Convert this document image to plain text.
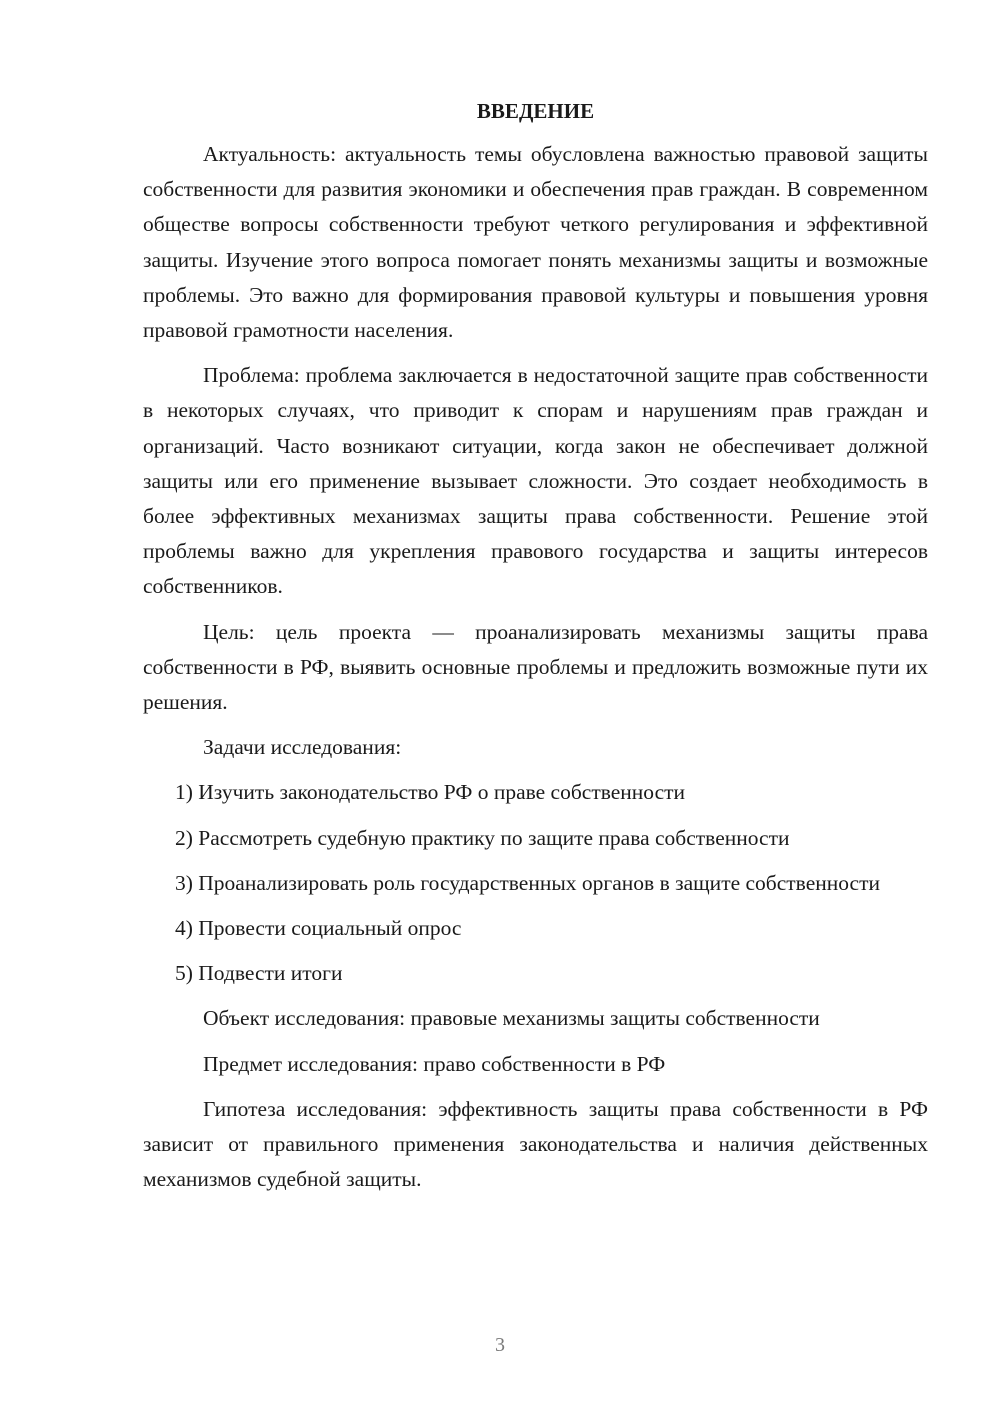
ВВЕДЕНИЕ

Актуальность: актуальность темы обусловлена важностью правовой защиты собственности для развития экономики и обеспечения прав граждан. В современном обществе вопросы собственности требуют четкого регулирования и эффективной защиты. Изучение этого вопроса помогает понять механизмы защиты и возможные проблемы. Это важно для формирования правовой культуры и повышения уровня правовой грамотности населения.

Проблема: проблема заключается в недостаточной защите прав собственности в некоторых случаях, что приводит к спорам и нарушениям прав граждан и организаций. Часто возникают ситуации, когда закон не обеспечивает должной защиты или его применение вызывает сложности. Это создает необходимость в более эффективных механизмах защиты права собственности. Решение этой проблемы важно для укрепления правового государства и защиты интересов собственников.

Цель: цель проекта — проанализировать механизмы защиты права собственности в РФ, выявить основные проблемы и предложить возможные пути их решения.

Задачи исследования:

1) Изучить законодательство РФ о праве собственности

2) Рассмотреть судебную практику по защите права собственности

3) Проанализировать роль государственных органов в защите собственности

4) Провести социальный опрос

5) Подвести итоги

Объект исследования: правовые механизмы защиты собственности

Предмет исследования: право собственности в РФ

Гипотеза исследования: эффективность защиты права собственности в РФ зависит от правильного применения законодательства и наличия действенных механизмов судебной защиты.

3
